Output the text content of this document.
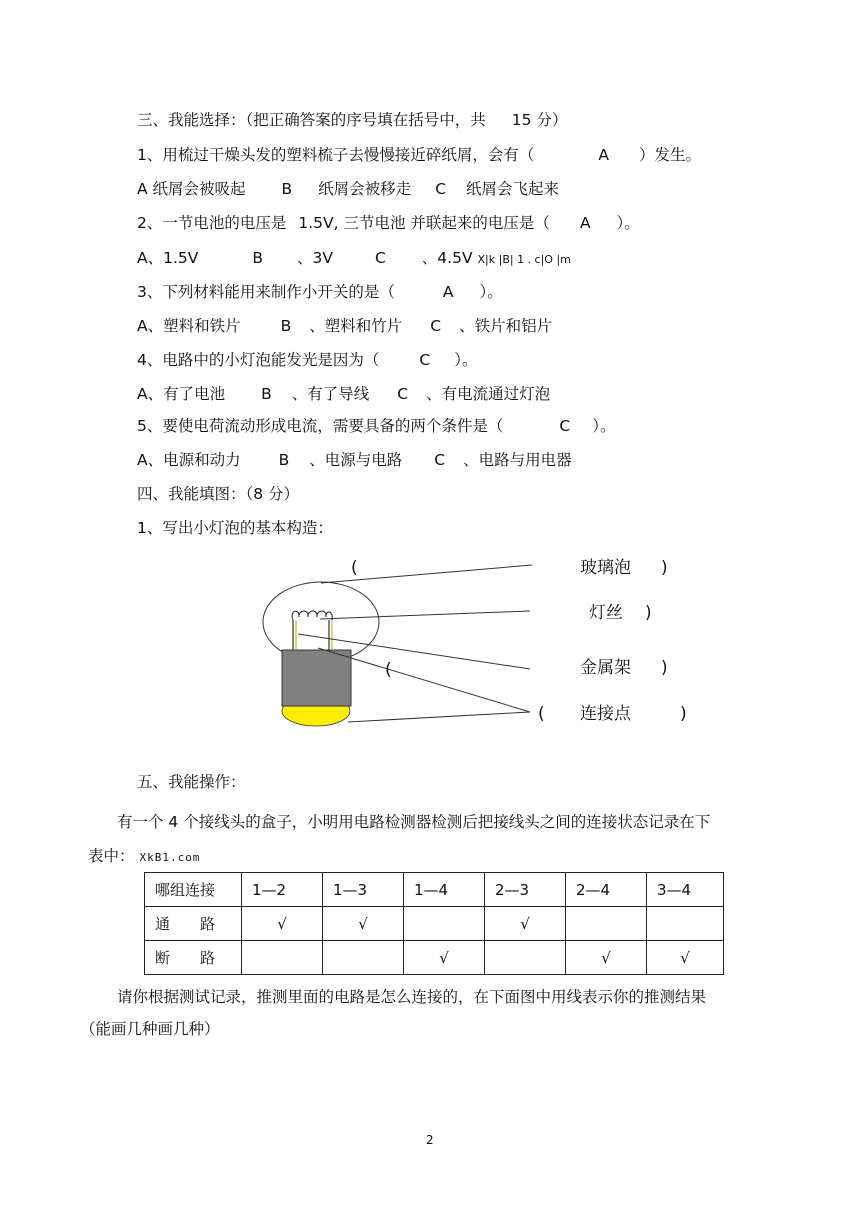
三、我能选择：（把正确答案的序号填在括号中，共 15 分）
1、用梳过干燥头发的塑料梳子去慢慢接近碎纸屑，会有（	A ）发生。
A 纸屑会被吸起 B 纸屑会被移走 C 纸屑会飞起来
2、一节电池的电压是 1.5V, 三节电池 并联起来的电压是（ A ）。
A、1.5V	B 、3V	C 、4.5V X|k |B| 1 . c|O |m
3、下列材料能用来制作小开关的是（	A ）。
A、塑料和铁片	B 、塑料和竹片 C 、铁片和铝片
4、电路中的小灯泡能发光是因为（	C ）。
A、有了电池 B 、有了导线 C 、有电流通过灯泡
5、要使电荷流动形成电流，需要具备的两个条件是（	C ）。
A、电源和动力 B 、电源与电路 C 、电路与用电器
四、我能填图：（8 分）
1、写出小灯泡的基本构造：
(	玻璃泡 )
灯丝 )
(	金属架 )
( 连接点	)
五、我能操作：
有一个 4 个接线头的盒子，小明用电路检测器检测后把接线头之间的连接状态记录在下
表中： XkB1.com
哪组连接	1—2	1—3	1—4	2—3	2—4	3—4
通　　路	√	√		√		
断　　路			√		√	√
请你根据测试记录，推测里面的电路是怎么连接的，在下面图中用线表示你的推测结果
（能画几种画几种）
2
